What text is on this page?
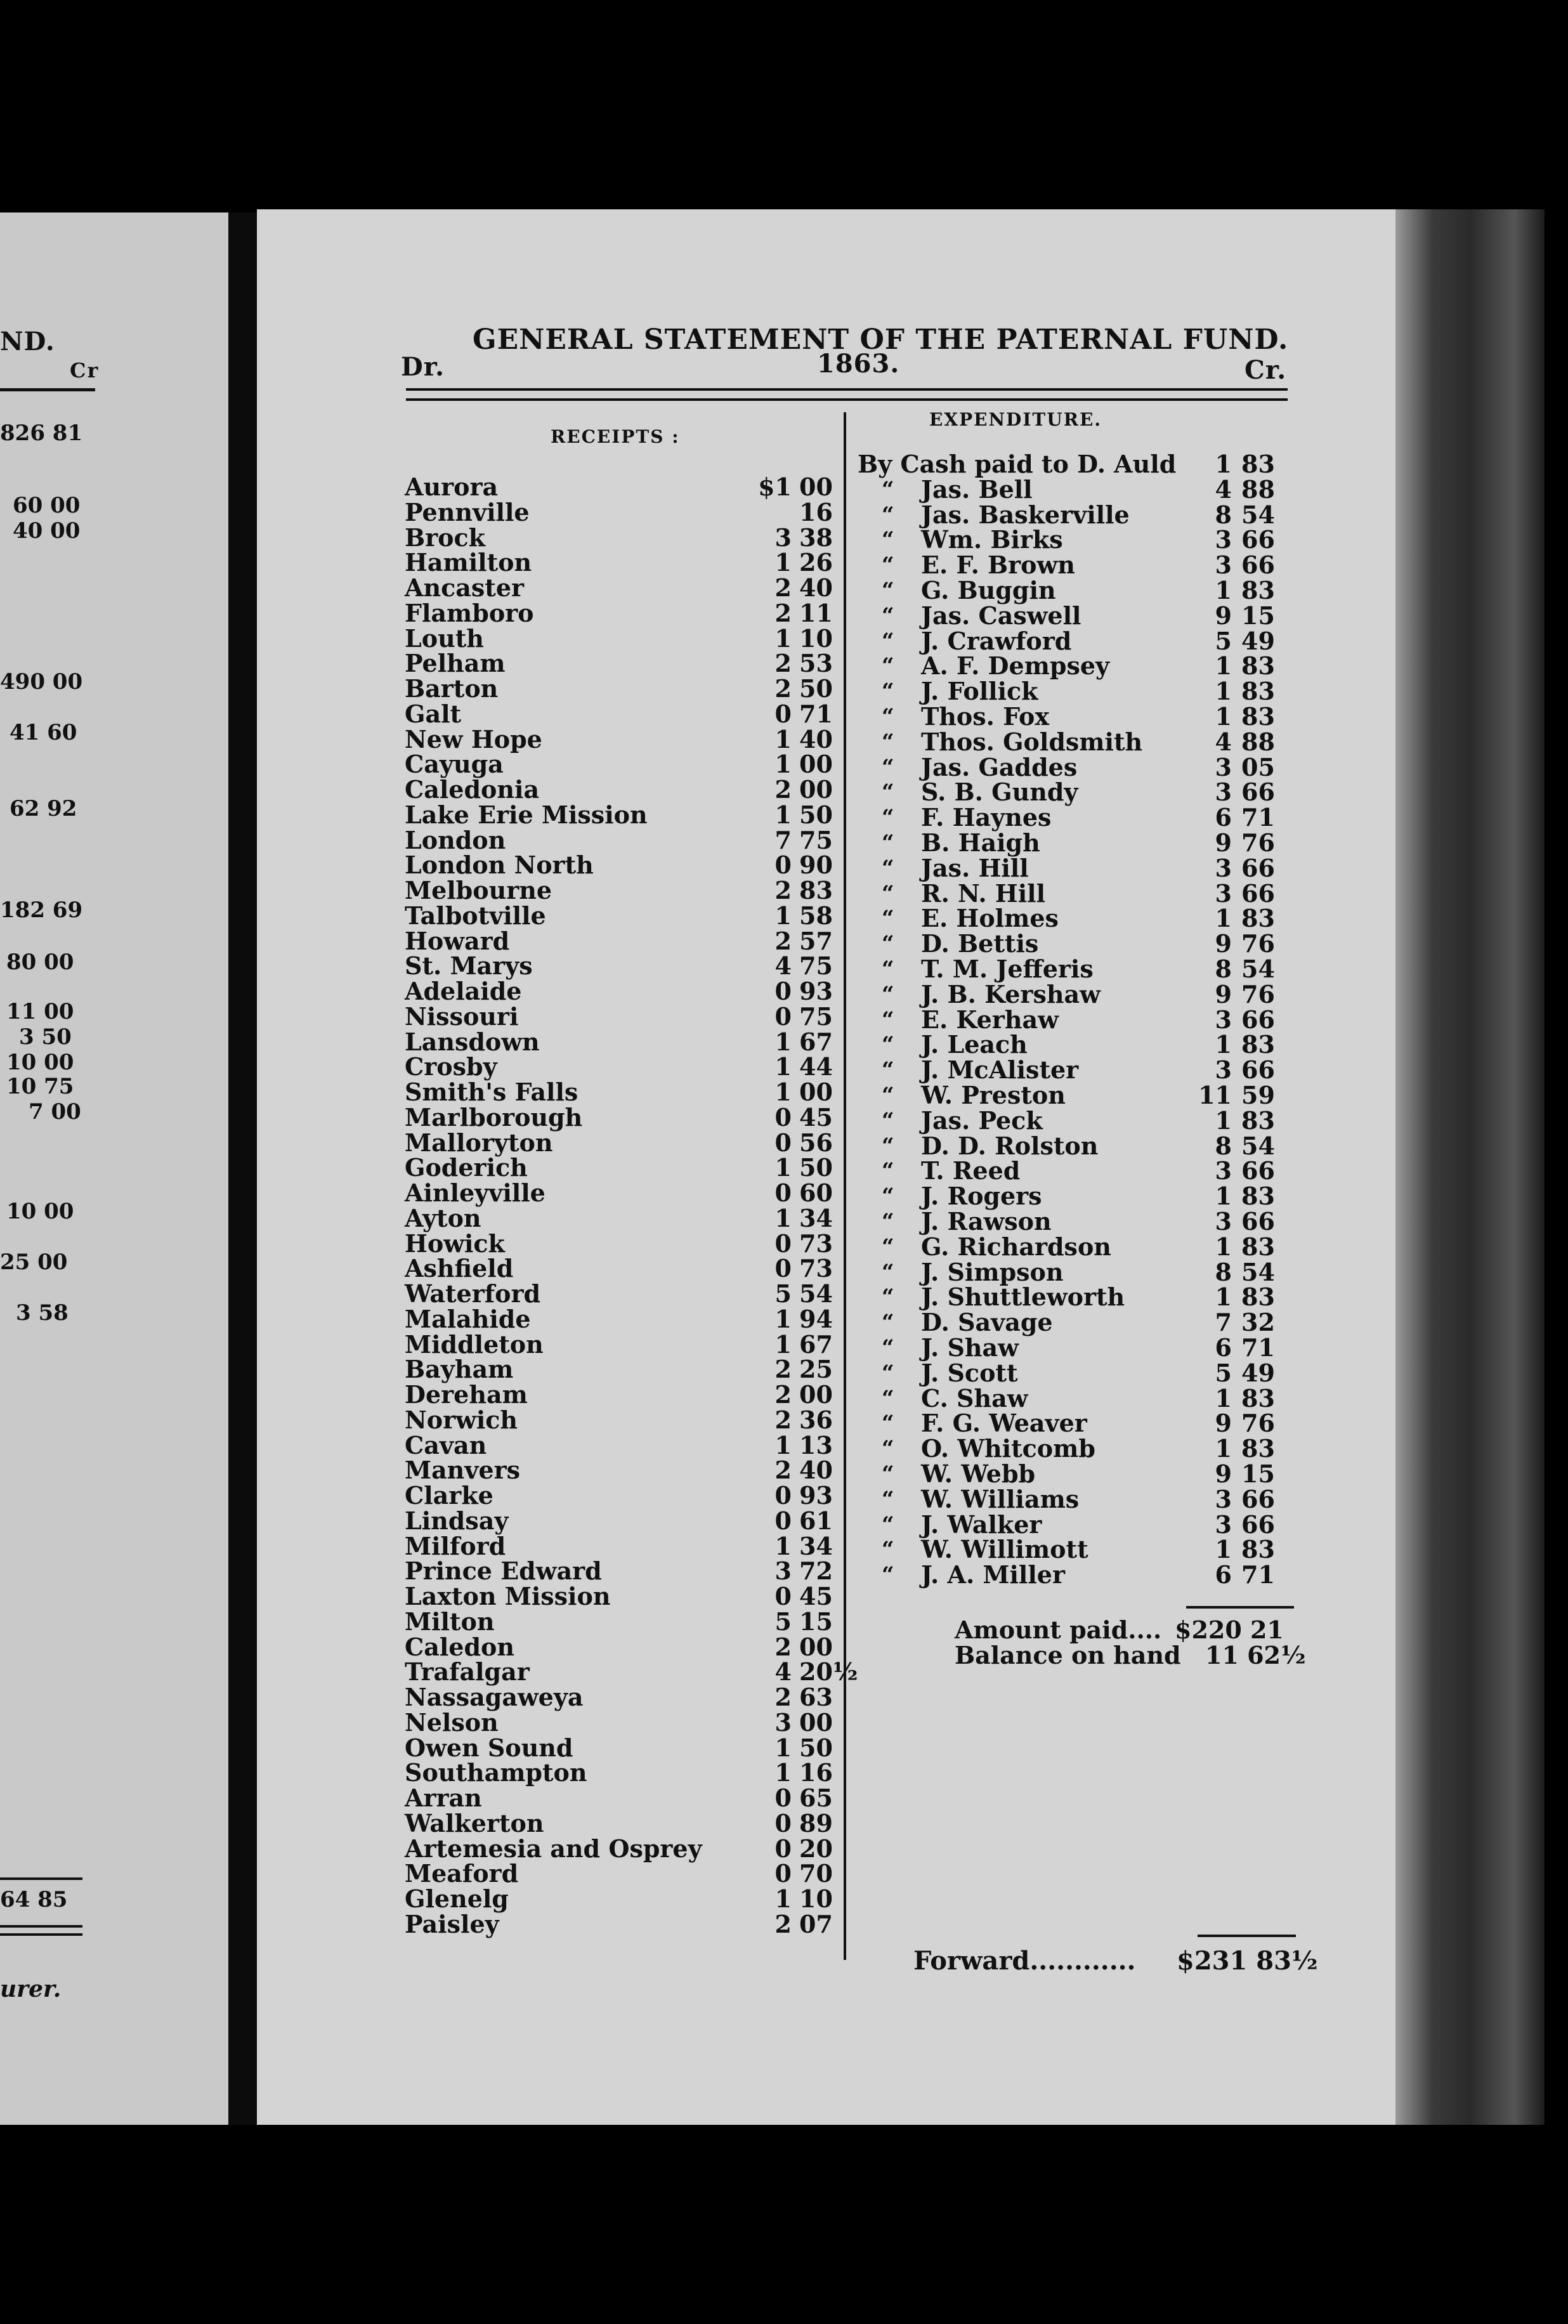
ND.
Cr
826 81
60 00
40 00
490 00
41 60
62 92
182 69
80 00
11 00
3 50
10 00
10 75
7 00
10 00
25 00
3 58
64 85
urer.
GENERAL STATEMENT OF THE PATERNAL FUND.
Dr.	1863.	Cr.
RECEIPTS :
EXPENDITURE.
Aurora	$1 00
Pennville	16
Brock	3 38
Hamilton	1 26
Ancaster	2 40
Flamboro	2 11
Louth	1 10
Pelham	2 53
Barton	2 50
Galt	0 71
New Hope	1 40
Cayuga	1 00
Caledonia	2 00
Lake Erie Mission	1 50
London	7 75
London North	0 90
Melbourne	2 83
Talbotville	1 58
Howard	2 57
St. Marys	4 75
Adelaide	0 93
Nissouri	0 75
Lansdown	1 67
Crosby	1 44
Smith's Falls	1 00
Marlborough	0 45
Malloryton	0 56
Goderich	1 50
Ainleyville	0 60
Ayton	1 34
Howick	0 73
Ashfield	0 73
Waterford	5 54
Malahide	1 94
Middleton	1 67
Bayham	2 25
Dereham	2 00
Norwich	2 36
Cavan	1 13
Manvers	2 40
Clarke	0 93
Lindsay	0 61
Milford	1 34
Prince Edward	3 72
Laxton Mission	0 45
Milton	5 15
Caledon	2 00
Trafalgar	4 20½
Nassagaweya	2 63
Nelson	3 00
Owen Sound	1 50
Southampton	1 16
Arran	0 65
Walkerton	0 89
Artemesia and Osprey	0 20
Meaford	0 70
Glenelg	1 10
Paisley	2 07
By Cash paid to D. Auld	1 83
“ Jas. Bell	4 88
“ Jas. Baskerville	8 54
“ Wm. Birks	3 66
“ E. F. Brown	3 66
“ G. Buggin	1 83
“ Jas. Caswell	9 15
“ J. Crawford	5 49
“ A. F. Dempsey	1 83
“ J. Follick	1 83
“ Thos. Fox	1 83
“ Thos. Goldsmith	4 88
“ Jas. Gaddes	3 05
“ S. B. Gundy	3 66
“ F. Haynes	6 71
“ B. Haigh	9 76
“ Jas. Hill	3 66
“ R. N. Hill	3 66
“ E. Holmes	1 83
“ D. Bettis	9 76
“ T. M. Jefferis	8 54
“ J. B. Kershaw	9 76
“ E. Kerhaw	3 66
“ J. Leach	1 83
“ J. McAlister	3 66
“ W. Preston	11 59
“ Jas. Peck	1 83
“ D. D. Rolston	8 54
“ T. Reed	3 66
“ J. Rogers	1 83
“ J. Rawson	3 66
“ G. Richardson	1 83
“ J. Simpson	8 54
“ J. Shuttleworth	1 83
“ D. Savage	7 32
“ J. Shaw	6 71
“ J. Scott	5 49
“ C. Shaw	1 83
“ F. G. Weaver	9 76
“ O. Whitcomb	1 83
“ W. Webb	9 15
“ W. Williams	3 66
“ J. Walker	3 66
“ W. Willimott	1 83
“ J. A. Miller	6 71
Amount paid.... $220 21
Balance on hand 11 62½
Forward............ $231 83½
